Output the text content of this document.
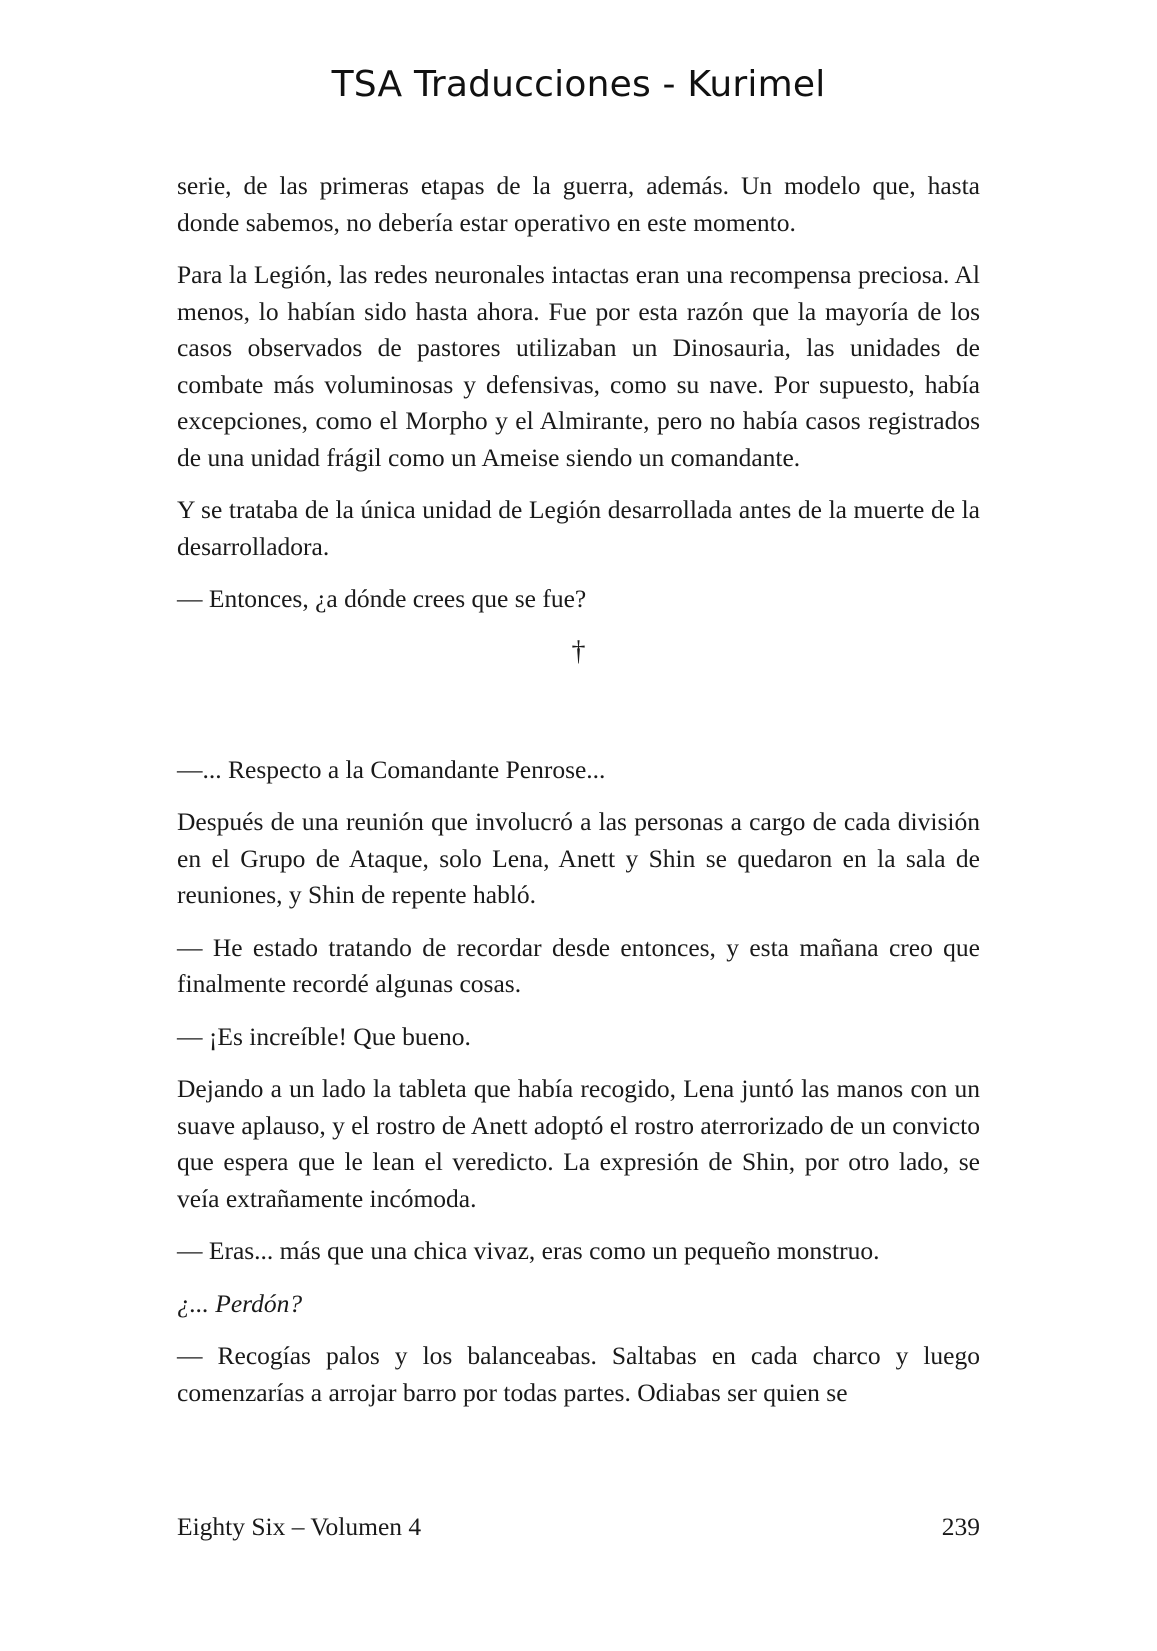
TSA Traducciones - Kurimel

serie, de las primeras etapas de la guerra, además. Un modelo que, hasta donde sabemos, no debería estar operativo en este momento.

Para la Legión, las redes neuronales intactas eran una recompensa preciosa. Al menos, lo habían sido hasta ahora. Fue por esta razón que la mayoría de los casos observados de pastores utilizaban un Dinosauria, las unidades de combate más voluminosas y defensivas, como su nave. Por supuesto, había excepciones, como el Morpho y el Almirante, pero no había casos registrados de una unidad frágil como un Ameise siendo un comandante.

Y se trataba de la única unidad de Legión desarrollada antes de la muerte de la desarrolladora.

— Entonces, ¿a dónde crees que se fue?

†

—... Respecto a la Comandante Penrose...

Después de una reunión que involucró a las personas a cargo de cada división en el Grupo de Ataque, solo Lena, Anett y Shin se quedaron en la sala de reuniones, y Shin de repente habló.

— He estado tratando de recordar desde entonces, y esta mañana creo que finalmente recordé algunas cosas.

— ¡Es increíble! Que bueno.

Dejando a un lado la tableta que había recogido, Lena juntó las manos con un suave aplauso, y el rostro de Anett adoptó el rostro aterrorizado de un convicto que espera que le lean el veredicto. La expresión de Shin, por otro lado, se veía extrañamente incómoda.

— Eras... más que una chica vivaz, eras como un pequeño monstruo.

¿... Perdón?

— Recogías palos y los balanceabas. Saltabas en cada charco y luego comenzarías a arrojar barro por todas partes. Odiabas ser quien se

Eighty Six – Volumen 4	239
